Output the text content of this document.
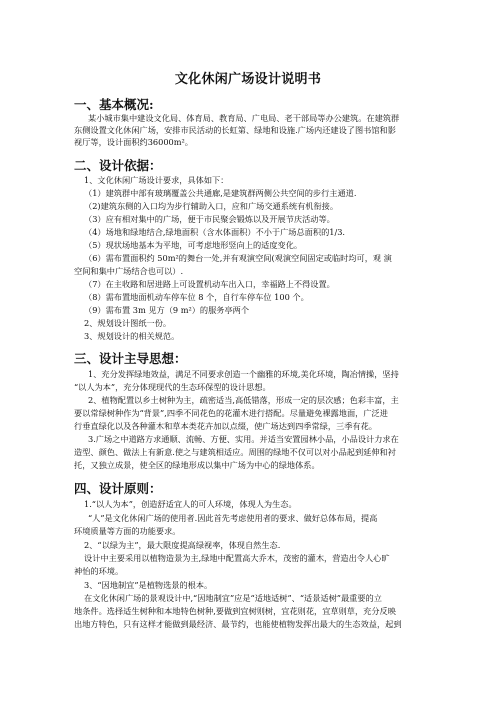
文化休闲广场设计说明书
一、基本概况:
某小城市集中建设文化局、体育局、教育局、广电局、老干部局等办公建筑。在建筑群
东侧设置文化休闲广场，安排市民活动的长虹第、绿地和设施.广场内还建设了图书馆和影
视厅等，设计面积约36000m²。
二、设计依据：
1、文化休闲广场设计要求，具体如下：
（1）建筑群中部有玻璃覆盖公共通廊,是建筑群两侧公共空间的步行主通道.
（2)建筑东侧的入口均为步行辅助入口，应和广场交通系统有机衔接。
（3）应有相对集中的广场，便于市民聚会锻炼以及开展节庆活动等。
（4）场地和绿地结合,绿地面积（含水体面积）不小于广场总面积的1/3.
（5）现状场地基本为平地，可考虑地形竖向上的适度变化。
（6）需布置面积约 50m²的舞台一处,并有观演空间(观演空间固定或临时均可，观 演
空间和集中广场结合也可以）.
（7）在主收路和居进路上可设置机动车出入口，幸福路上不得设置。
（8）需布置地面机动车停车位 8 个，自行车停车位 100 个。
（9）需布置 3m 见方（9 m²）的服务亭两个
2、规划设计图纸一份。
3、规划设计的相关规范。
三、设计主导思想：
1、充分发挥绿地效益，满足不同要求创造一个幽雅的环境,美化环境，陶冶情操，坚持
“以人为本”，充分体现现代的生态环保型的设计思想。
2、植物配置以乡土树种为主，疏密适当,高低错落，形成一定的层次感；色彩丰富，主
要以常绿树种作为“背景”,四季不同花色的花灌木进行搭配。尽量避免裸露地面，广泛进
行垂直绿化以及各种灌木和草本类花卉加以点缀，使广场达到四季常绿，三季有花。
3.广场之中道路方求通顺、流畅、方便、实用。并适当安置园林小品，小品设计力求在
造型、颜色、做法上有新意.使之与建筑相适应。周围的绿地不仅可以对小品起到延伸和衬
托，又独立成景，使全区的绿地形成以集中广场为中心的绿地体系。
四、设计原则：
1.“以人为本”，创造舒适宜人的可人环境，体现人为生态。
“人”是文化休闲广场的使用者.因此首先考虑使用者的要求、做好总体布局，提高
环境质量等方面的功能要求。
2、“以绿为主”，最大限度提高绿视率，体现自然生态.
设计中主要采用以植物造景为主,绿地中配置高大乔木，茂密的灌木，营造出令人心旷
神怡的环境。
3、“因地制宜”是植物选景的根本。
在文化休闲广场的景观设计中,“因地制宜”应是“适地适树”、“适景适树”最重要的立
地条件。选择适生树种和本地特色树种,要做到宜树则树，宜花则花，宜草则草，充分反映
出地方特色，只有这样才能做到最经济、最节约，也能使植物发挥出最大的生态效益，起到
